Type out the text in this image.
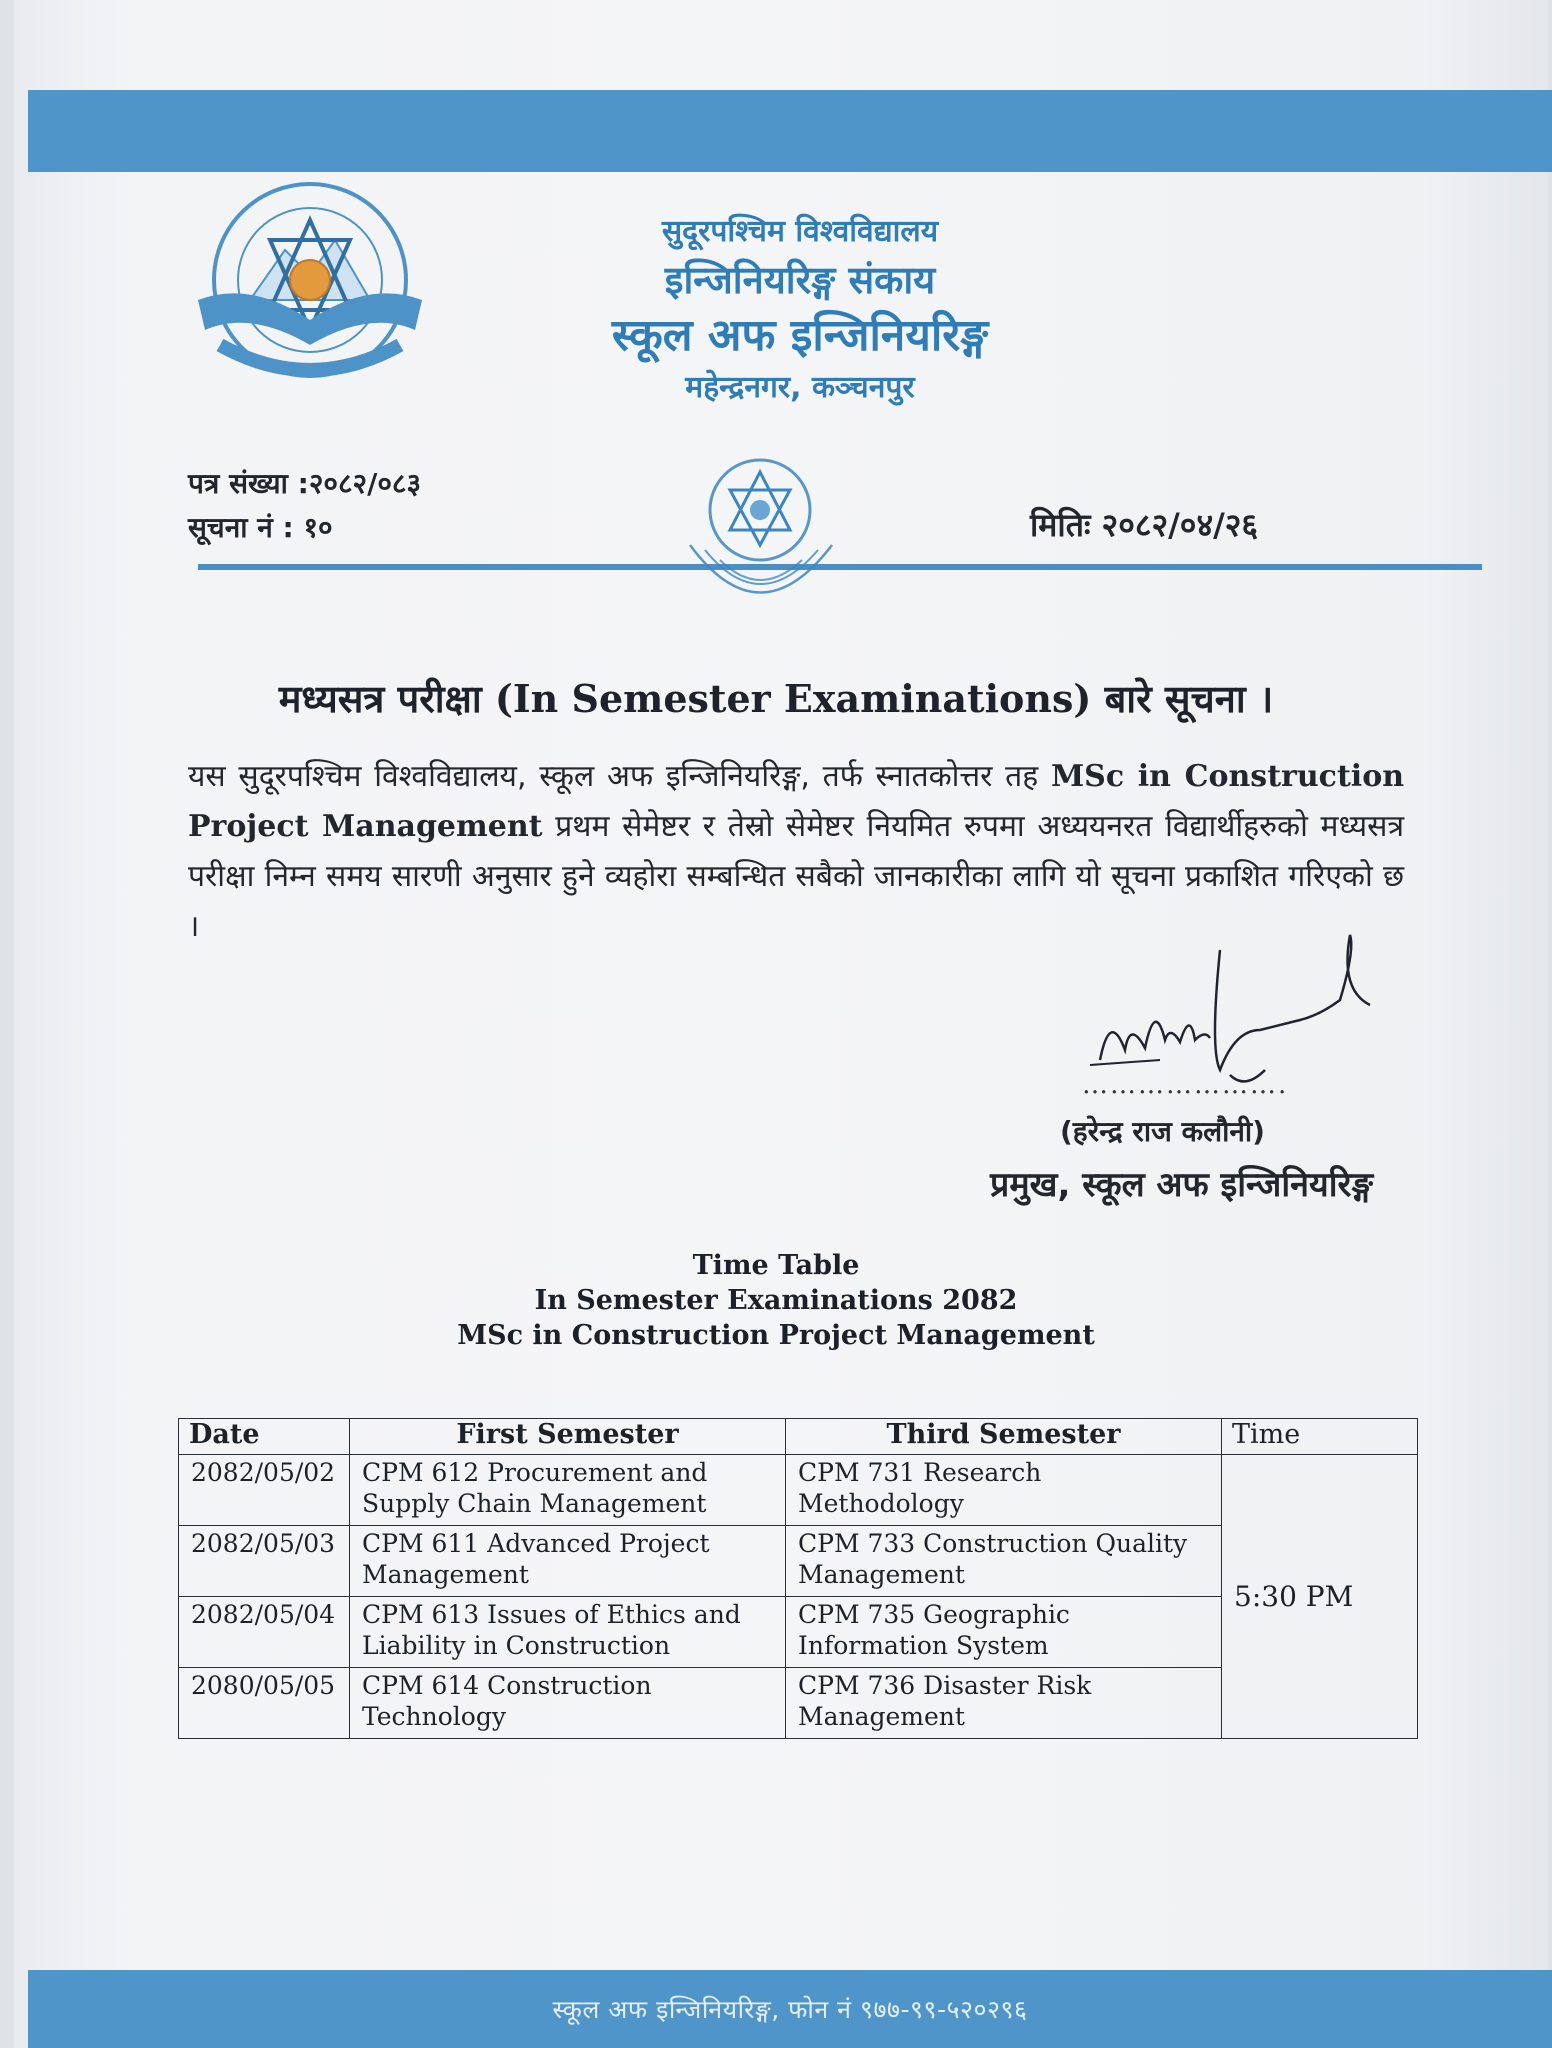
सुदूरपश्चिम विश्वविद्यालय
इन्जिनियरिङ्ग संकाय
स्कूल अफ इन्जिनियरिङ्ग
महेन्द्रनगर, कञ्चनपुर
पत्र संख्या :२०८२/०८३
सूचना नं : १०	मितिः २०८२/०४/२६
मध्यसत्र परीक्षा (In Semester Examinations) बारे सूचना ।
यस सुदूरपश्चिम विश्वविद्यालय, स्कूल अफ इन्जिनियरिङ्ग, तर्फ स्नातकोत्तर तह MSc in Construction Project Management प्रथम सेमेष्टर र तेस्रो सेमेष्टर नियमित रुपमा अध्ययनरत विद्यार्थीहरुको मध्यसत्र परीक्षा निम्न समय सारणी अनुसार हुने व्यहोरा सम्बन्धित सबैको जानकारीका लागि यो सूचना प्रकाशित गरिएको छ ।
………………….
(हरेन्द्र राज कलौनी)
प्रमुख, स्कूल अफ इन्जिनियरिङ्ग
Time Table
In Semester Examinations 2082
MSc in Construction Project Management
Date	First Semester	Third Semester	Time
2082/05/02	CPM 612 Procurement and Supply Chain Management	CPM 731 Research Methodology	5:30 PM
2082/05/03	CPM 611 Advanced Project Management	CPM 733 Construction Quality Management	
2082/05/04	CPM 613 Issues of Ethics and Liability in Construction	CPM 735 Geographic Information System	
2080/05/05	CPM 614 Construction Technology	CPM 736 Disaster Risk Management	
स्कूल अफ इन्जिनियरिङ्ग, फोन नं ९७७-९९-५२०२९६
